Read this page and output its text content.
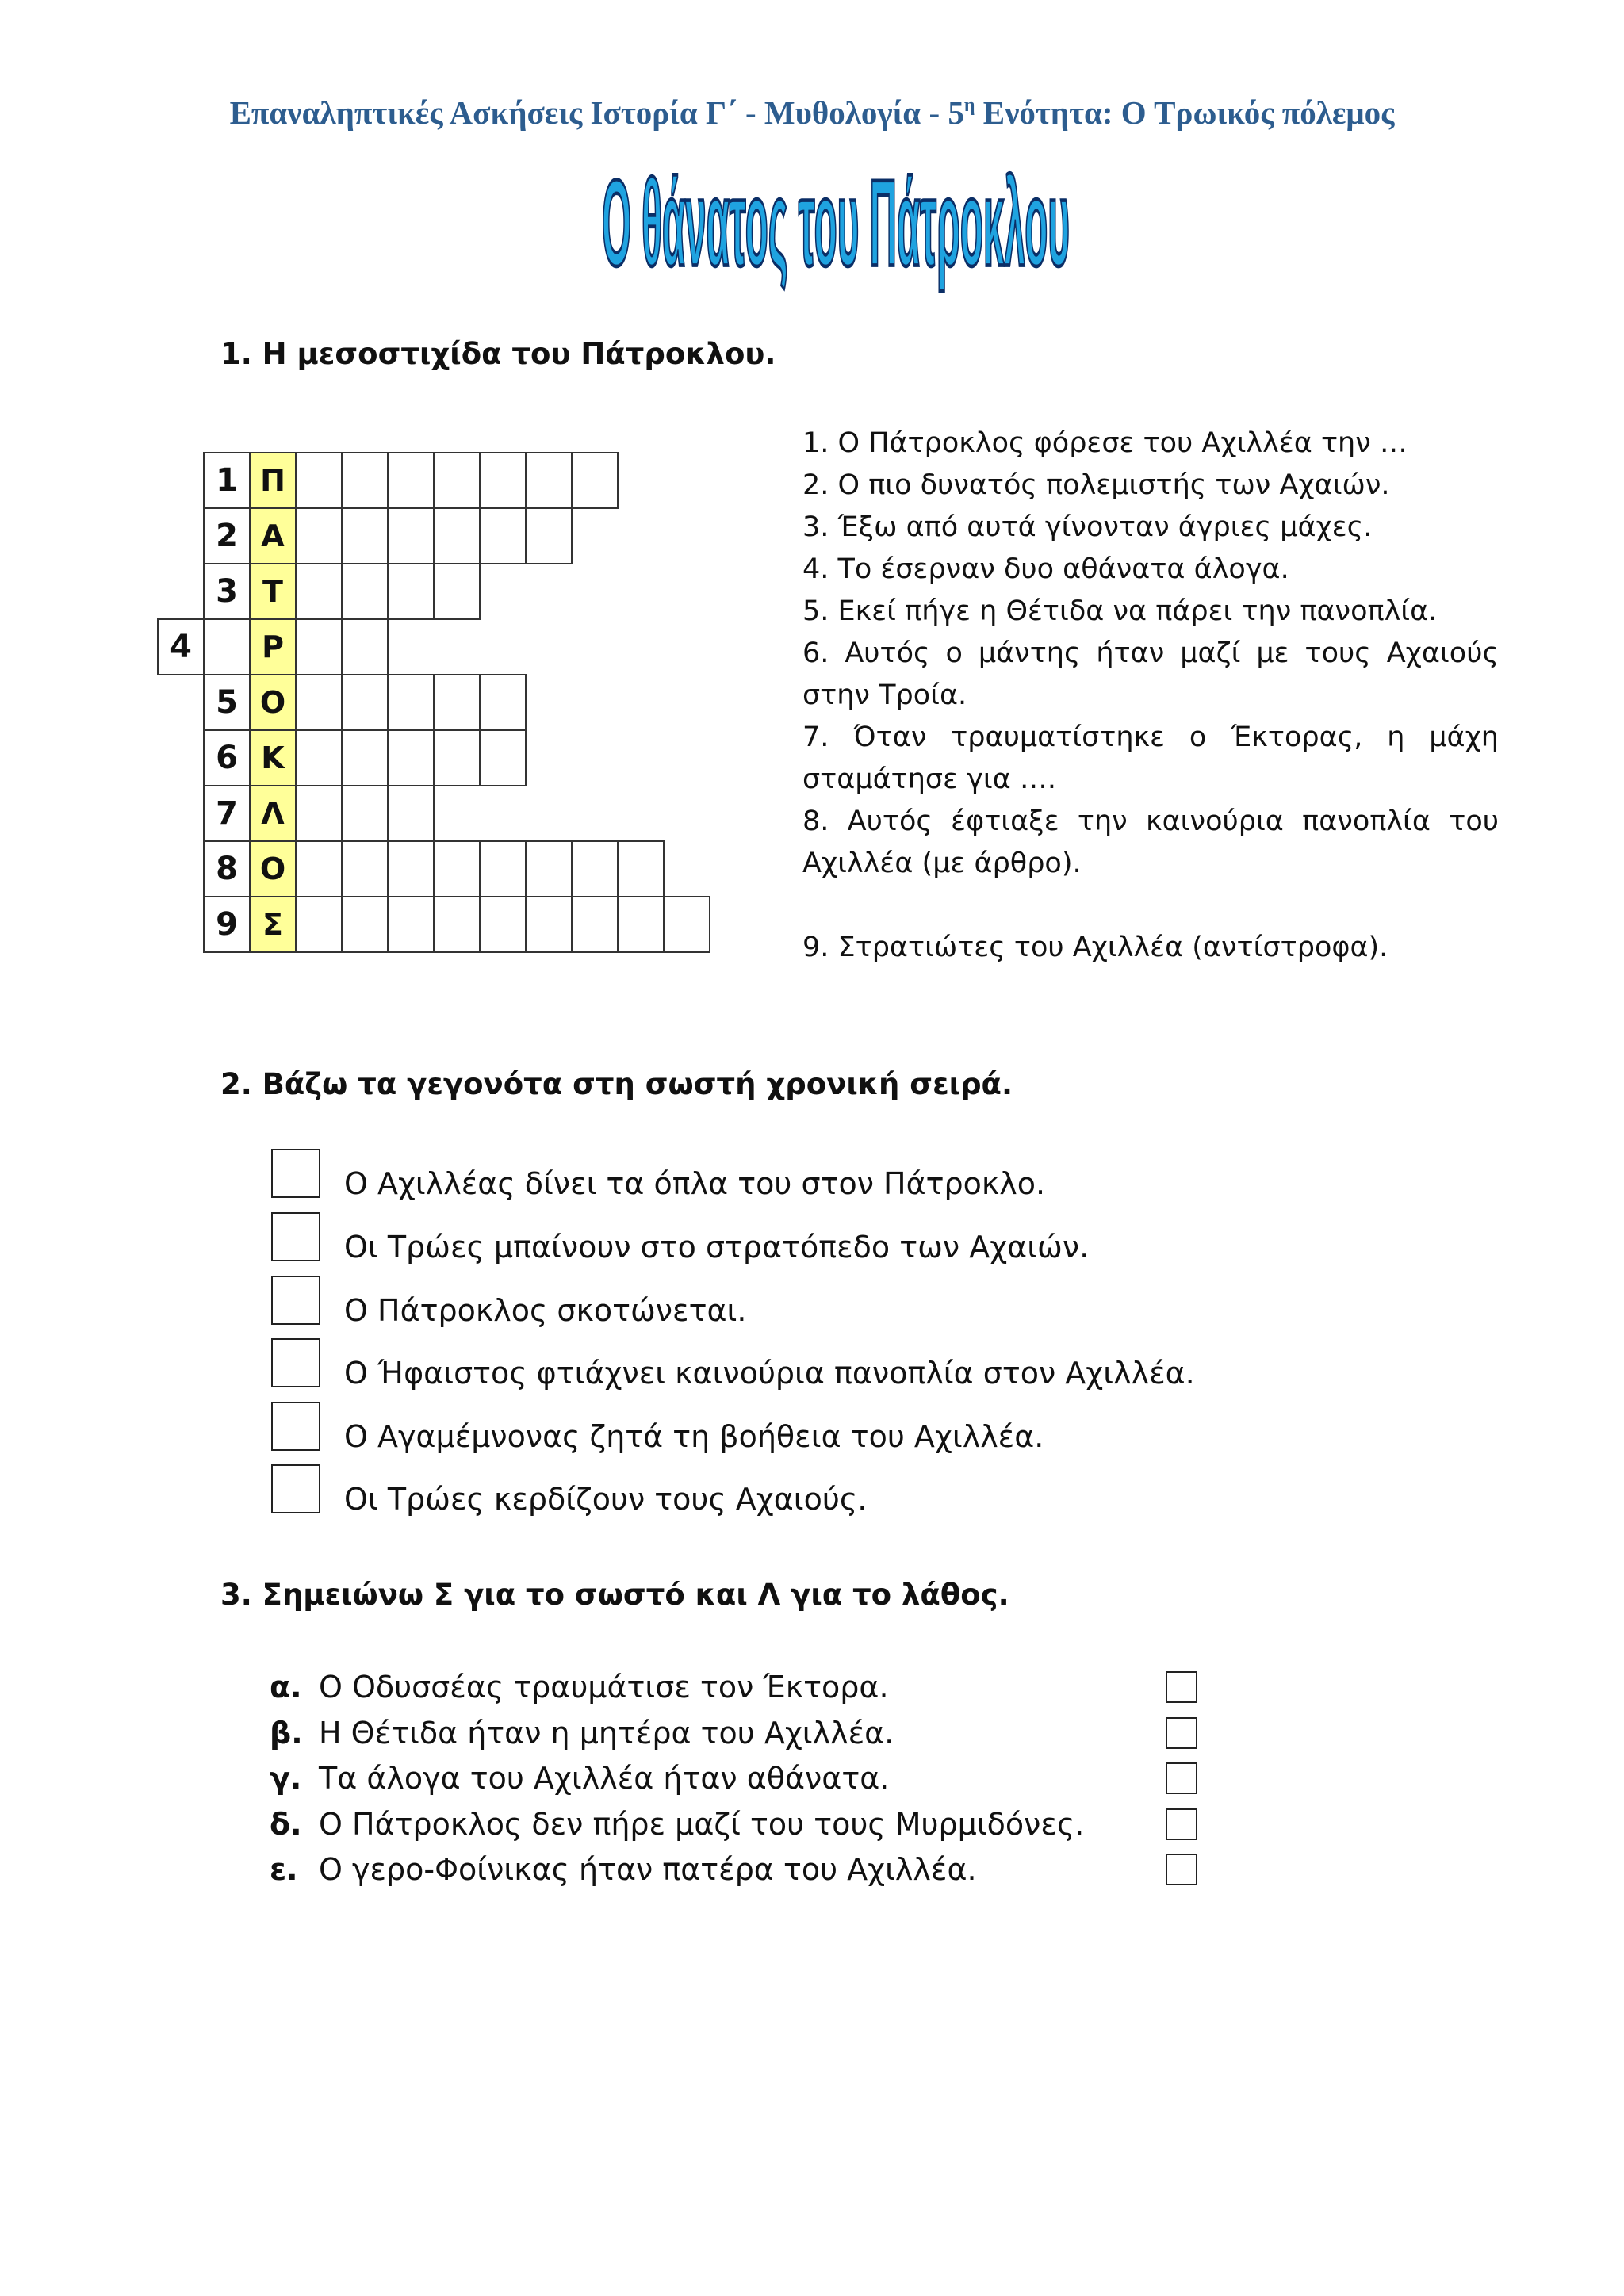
Επαναληπτικές Ασκήσεις Ιστορία Γ΄ - Μυθολογία - $5^\eta$ Ενότητα: Ο Τρωικός πόλεμος
Ο θάνατος του Πάτροκλου
1. Η μεσοστιχίδα του Πάτροκλου.
1 Π
2 Α
3 Τ
4	Ρ
5 Ο
6 Κ
7 Λ
8 Ο
9 Σ

1. Ο Πάτροκλος φόρεσε του Αχιλλέα την …

2. Ο πιο δυνατός πολεμιστής των Αχαιών.

3. Έξω από αυτά γίνονταν άγριες μάχες.

4. Το έσερναν δυο αθάνατα άλογα.

5. Εκεί πήγε η Θέτιδα να πάρει την πανοπλία.

6. Αυτός ο μάντης ήταν μαζί με τους Αχαιούς στην Τροία.

7. Όταν τραυματίστηκε ο Έκτορας, η μάχη σταμάτησε για ….

8. Αυτός έφτιαξε την καινούρια πανοπλία του Αχιλλέα (με άρθρο).

9. Στρατιώτες του Αχιλλέα (αντίστροφα).

2. Βάζω τα γεγονότα στη σωστή χρονική σειρά.
Ο Αχιλλέας δίνει τα όπλα του στον Πάτροκλο.
Οι Τρώες μπαίνουν στο στρατόπεδο των Αχαιών.
Ο Πάτροκλος σκοτώνεται.
Ο Ήφαιστος φτιάχνει καινούρια πανοπλία στον Αχιλλέα.
Ο Αγαμέμνονας ζητά τη βοήθεια του Αχιλλέα.
Οι Τρώες κερδίζουν τους Αχαιούς.
3. Σημειώνω Σ για το σωστό και Λ για το λάθος.
α. Ο Οδυσσέας τραυμάτισε τον Έκτορα.
β. Η Θέτιδα ήταν η μητέρα του Αχιλλέα.
γ. Τα άλογα του Αχιλλέα ήταν αθάνατα.
δ. Ο Πάτροκλος δεν πήρε μαζί του τους Μυρμιδόνες.
ε. Ο γερο-Φοίνικας ήταν πατέρα του Αχιλλέα.
